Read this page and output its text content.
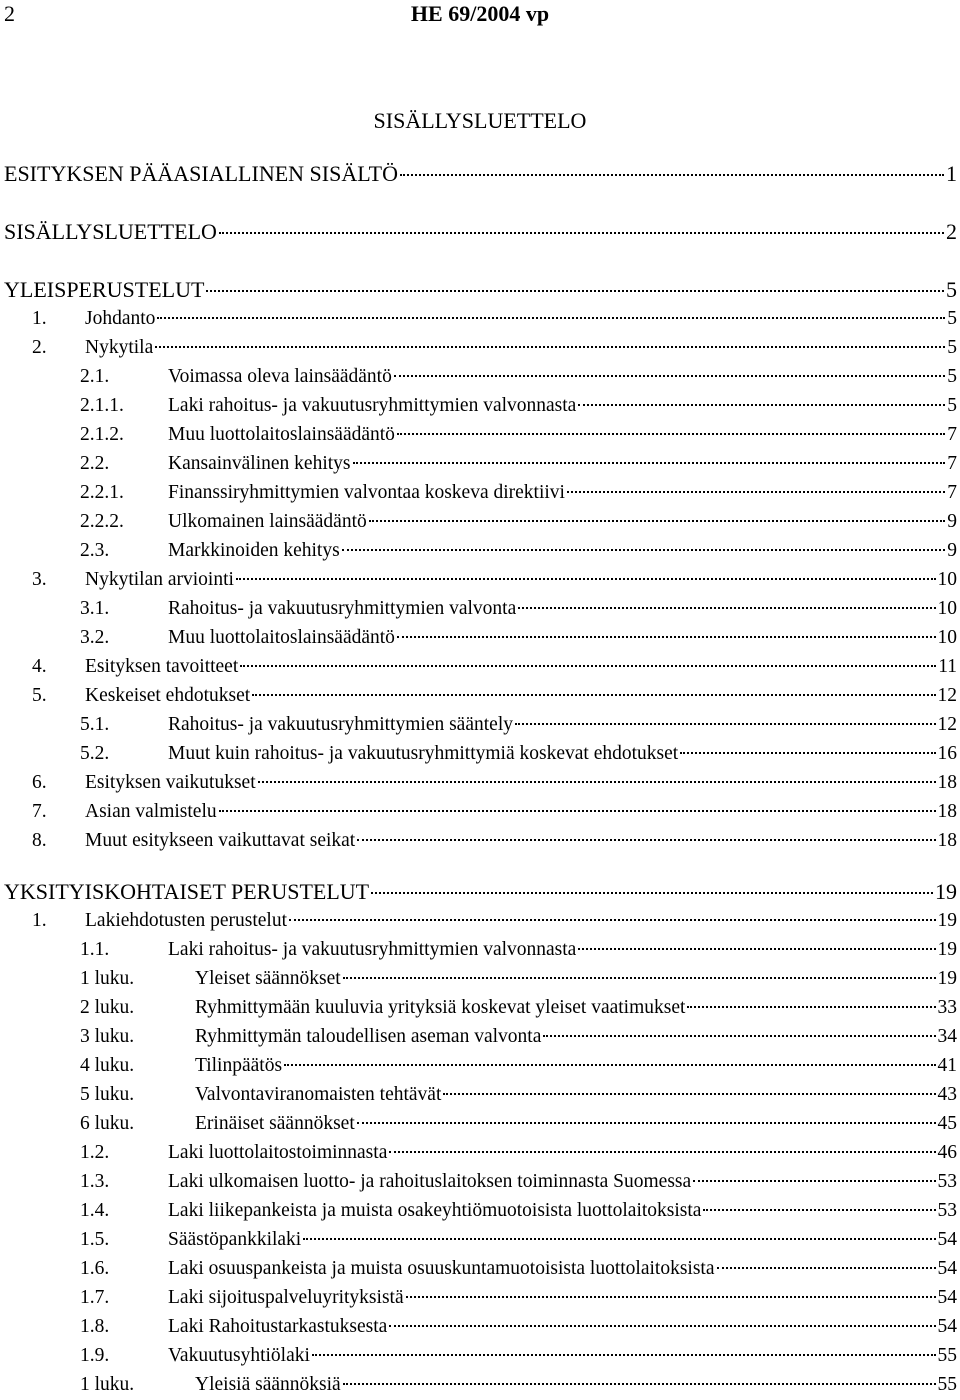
2	HE 69/2004 vp
SISÄLLYSLUETTELO
ESITYKSEN PÄÄASIALLINEN SISÄLTÖ	1
SISÄLLYSLUETTELO	2
YLEISPERUSTELUT	5
1.	Johdanto	5
2.	Nykytila	5
2.1.	Voimassa oleva lainsäädäntö	5
2.1.1.	Laki rahoitus- ja vakuutusryhmittymien valvonnasta	5
2.1.2.	Muu luottolaitoslainsäädäntö	7
2.2.	Kansainvälinen kehitys	7
2.2.1.	Finanssiryhmittymien valvontaa koskeva direktiivi	7
2.2.2.	Ulkomainen lainsäädäntö	9
2.3.	Markkinoiden kehitys	9
3.	Nykytilan arviointi	10
3.1.	Rahoitus- ja vakuutusryhmittymien valvonta	10
3.2.	Muu luottolaitoslainsäädäntö	10
4.	Esityksen tavoitteet	11
5.	Keskeiset ehdotukset	12
5.1.	Rahoitus- ja vakuutusryhmittymien sääntely	12
5.2.	Muut kuin rahoitus- ja vakuutusryhmittymiä koskevat ehdotukset	16
6.	Esityksen vaikutukset	18
7.	Asian valmistelu	18
8.	Muut esitykseen vaikuttavat seikat	18
YKSITYISKOHTAISET PERUSTELUT	19
1.	Lakiehdotusten perustelut	19
1.1.	Laki rahoitus- ja vakuutusryhmittymien valvonnasta	19
1 luku.	Yleiset säännökset	19
2 luku.	Ryhmittymään kuuluvia yrityksiä koskevat yleiset vaatimukset	33
3 luku.	Ryhmittymän taloudellisen aseman valvonta	34
4 luku.	Tilinpäätös	41
5 luku.	Valvontaviranomaisten tehtävät	43
6 luku.	Erinäiset säännökset	45
1.2.	Laki luottolaitostoiminnasta	46
1.3.	Laki ulkomaisen luotto- ja rahoituslaitoksen toiminnasta Suomessa	53
1.4.	Laki liikepankeista ja muista osakeyhtiömuotoisista luottolaitoksista	53
1.5.	Säästöpankkilaki	54
1.6.	Laki osuuspankeista ja muista osuuskuntamuotoisista luottolaitoksista	54
1.7.	Laki sijoituspalveluyrityksistä	54
1.8.	Laki Rahoitustarkastuksesta	54
1.9.	Vakuutusyhtiölaki	55
1 luku.	Yleisiä säännöksiä	55
